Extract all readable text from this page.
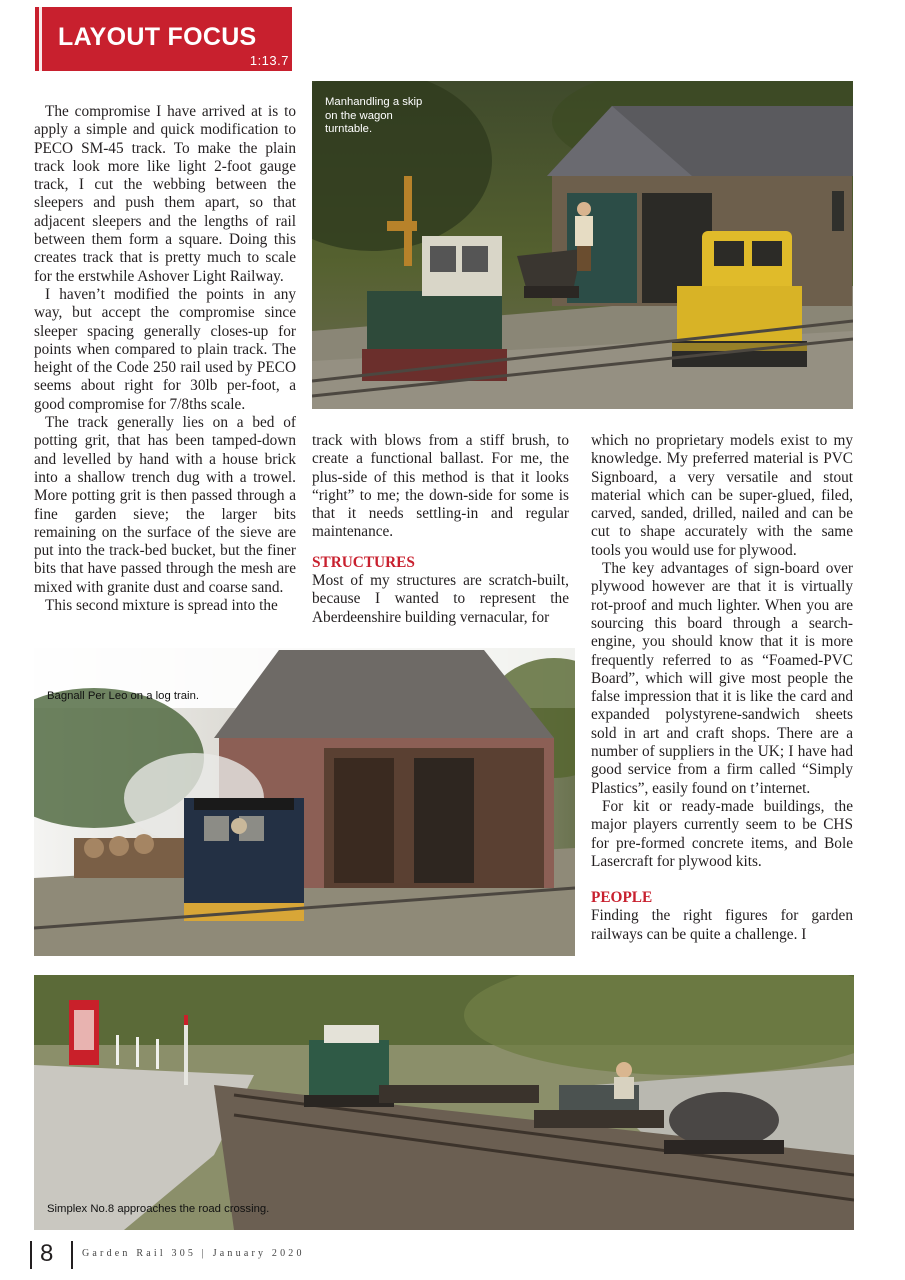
LAYOUT FOCUS
1:13.7

The compromise I have arrived at is to apply a simple and quick modification to PECO SM-45 track. To make the plain track look more like light 2-foot gauge track, I cut the webbing between the sleepers and push them apart, so that adjacent sleepers and the lengths of rail between them form a square. Doing this creates track that is pretty much to scale for the erstwhile Ashover Light Railway.

I haven’t modified the points in any way, but accept the compromise since sleeper spacing generally closes-up for points when compared to plain track. The height of the Code 250 rail used by PECO seems about right for 30lb per-foot, a good compromise for 7/8ths scale.

The track generally lies on a bed of potting grit, that has been tamped-down and levelled by hand with a house brick into a shallow trench dug with a trowel. More potting grit is then passed through a fine garden sieve; the larger bits remaining on the surface of the sieve are put into the track-bed bucket, but the finer bits that have passed through the mesh are mixed with granite dust and coarse sand.

This second mixture is spread into the

Manhandling a skip on the wagon turntable.
Bagnall Per Leo on a log train.

track with blows from a stiff brush, to create a functional ballast. For me, the plus-side of this method is that it looks “right” to me; the down-side for some is that it needs settling-in and regular maintenance.

STRUCTURES

Most of my structures are scratch-built, because I wanted to represent the Aberdeenshire building vernacular, for

which no proprietary models exist to my knowledge. My preferred material is PVC Signboard, a very versatile and stout material which can be super-glued, filed, carved, sanded, drilled, nailed and can be cut to shape accurately with the same tools you would use for plywood.

The key advantages of sign-board over plywood however are that it is virtually rot-proof and much lighter. When you are sourcing this board through a search-engine, you should know that it is more frequently referred to as “Foamed-PVC Board”, which will give most people the false impression that it is like the card and expanded polystyrene-sandwich sheets sold in art and craft shops. There are a number of suppliers in the UK; I have had good service from a firm called “Simply Plastics”, easily found on t’internet.

For kit or ready-made buildings, the major players currently seem to be CHS for pre-formed concrete items, and Bole Lasercraft for plywood kits.

PEOPLE

Finding the right figures for garden railways can be quite a challenge. I

Simplex No.8 approaches the road crossing.
8	Garden Rail 305 | January 2020
